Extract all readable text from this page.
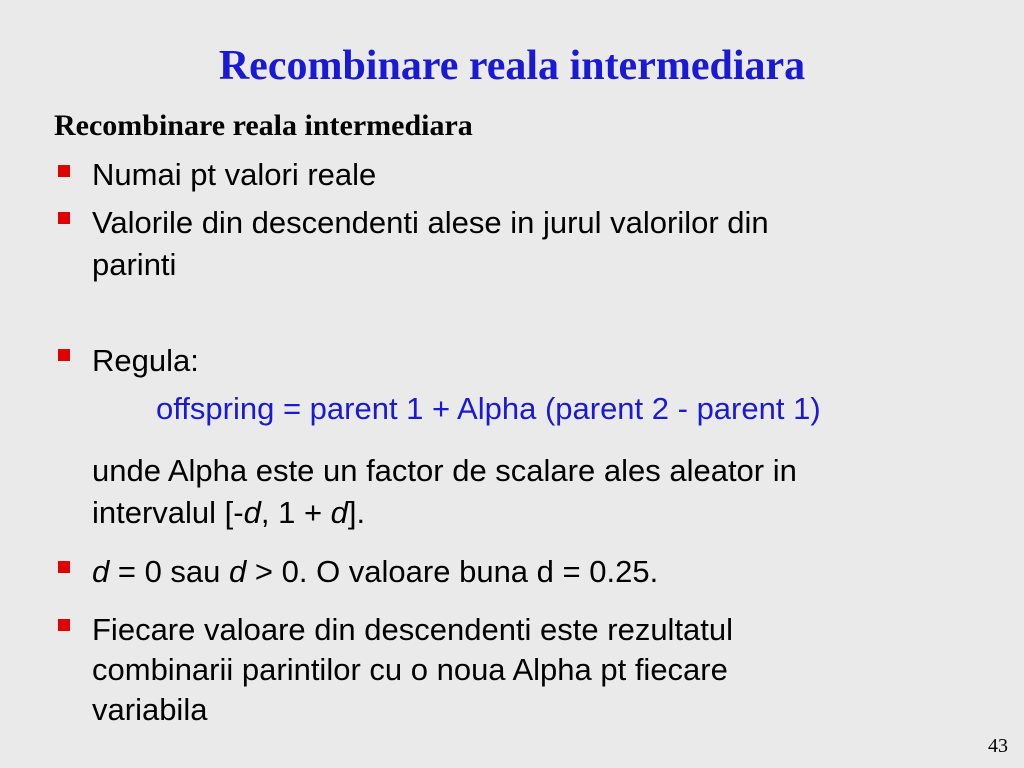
Recombinare reala intermediara
Recombinare reala intermediara
Numai pt valori reale
Valorile din descendenti alese in jurul valorilor din
parinti
Regula:
offspring = parent 1 + Alpha (parent 2 - parent 1)
unde Alpha este un factor de scalare ales aleator in
intervalul [-d, 1 + d].
d = 0 sau d > 0. O valoare buna d = 0.25.
Fiecare valoare din descendenti este rezultatul
combinarii parintilor cu o noua Alpha pt fiecare
variabila
43
